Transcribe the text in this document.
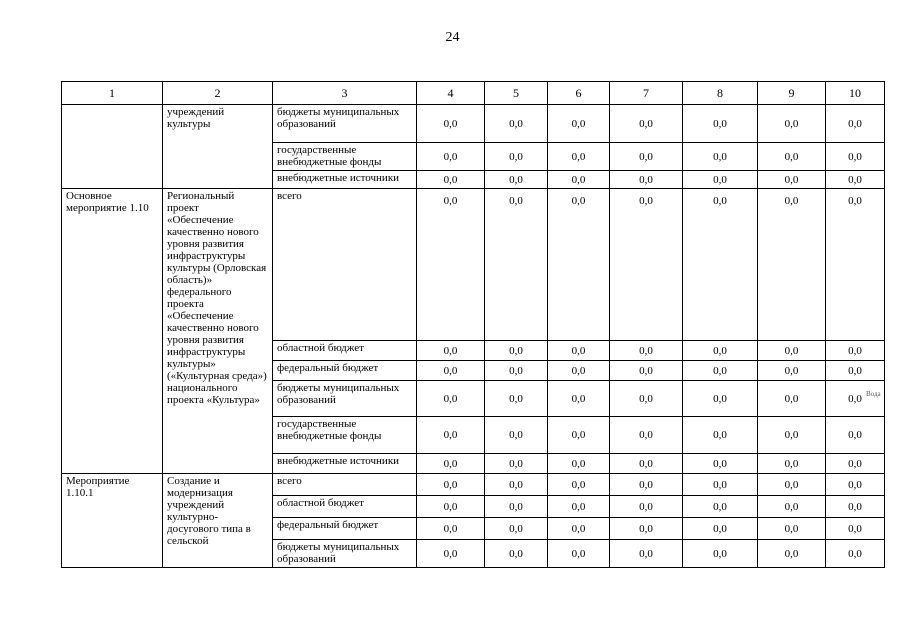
24
1	2	3	4	5	6	7	8	9	10
	учреждений культуры	бюджеты муниципальных образований	0,0	0,0	0,0	0,0	0,0	0,0	0,0
		государственные внебюджетные фонды	0,0	0,0	0,0	0,0	0,0	0,0	0,0
		внебюджетные источники	0,0	0,0	0,0	0,0	0,0	0,0	0,0
Основное мероприятие 1.10	Региональный проект «Обеспечение качественно нового уровня развития инфраструктуры культуры (Орловская область)» федерального проекта «Обеспечение качественно нового уровня развития инфраструктуры культуры» («Культурная среда») национального проекта «Культура»	всего	0,0	0,0	0,0	0,0	0,0	0,0	0,0
		областной бюджет	0,0	0,0	0,0	0,0	0,0	0,0	0,0
		федеральный бюджет	0,0	0,0	0,0	0,0	0,0	0,0	0,0
		бюджеты муниципальных образований	0,0	0,0	0,0	0,0	0,0	0,0	0,0
		государственные внебюджетные фонды	0,0	0,0	0,0	0,0	0,0	0,0	0,0
		внебюджетные источники	0,0	0,0	0,0	0,0	0,0	0,0	0,0
Мероприятие 1.10.1	Создание и модернизация учреждений культурно-досугового типа в сельской	всего	0,0	0,0	0,0	0,0	0,0	0,0	0,0
		областной бюджет	0,0	0,0	0,0	0,0	0,0	0,0	0,0
		федеральный бюджет	0,0	0,0	0,0	0,0	0,0	0,0	0,0
		бюджеты муниципальных образований	0,0	0,0	0,0	0,0	0,0	0,0	0,0
Вода
